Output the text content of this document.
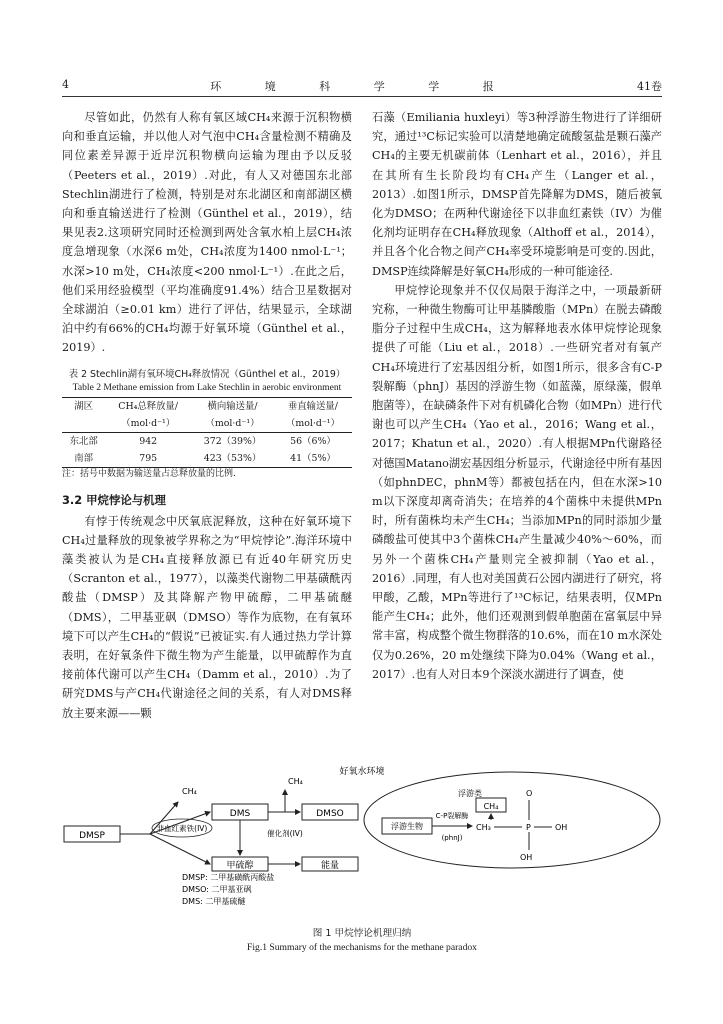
4	环 境 科 学 学 报	41卷

尽管如此，仍然有人称有氧区域CH₄来源于沉积物横向和垂直运输，并以他人对气泡中CH₄含量检测不精确及同位素差异源于近岸沉积物横向运输为理由予以反驳（Peeters et al.，2019）.对此，有人又对德国东北部Stechlin湖进行了检测，特别是对东北湖区和南部湖区横向和垂直输送进行了检测（Günthel et al.，2019），结果见表2.这项研究同时还检测到两处含氧水柏上层CH₄浓度急增现象（水深6 m处，CH₄浓度为1400 nmol·L⁻¹；水深>10 m处，CH₄浓度<200 nmol·L⁻¹）.在此之后，他们采用经验模型（平均准确度91.4%）结合卫星数据对全球湖泊（≥0.01 km）进行了评估，结果显示，全球湖泊中约有66%的CH₄均源于好氧环境（Günthel et al.，2019）.

表 2 Stechlin湖有氧环境CH₄释放情况（Günthel et al.，2019）
Table 2 Methane emission from Lake Stechlin in aerobic environment
湖区	CH₄总释放量/	横向输送量/	垂直输送量/
	（mol·d⁻¹）	（mol·d⁻¹）	（mol·d⁻¹）
东北部	942	372（39%）	56（6%）
南部	795	423（53%）	41（5%）
注：括号中数据为输送量占总释放量的比例.
3.2 甲烷悖论与机理

有悖于传统观念中厌氧底泥释放，这种在好氧环境下CH₄过量释放的现象被学界称之为“甲烷悖论”.海洋环境中藻类被认为是CH₄直接释放源已有近40年研究历史（Scranton et al.，1977），以藻类代谢物二甲基磺酰丙酸盐（DMSP）及其降解产物甲硫醇，二甲基硫醚（DMS），二甲基亚砜（DMSO）等作为底物，在有氧环境下可以产生CH₄的“假说”已被证实.有人通过热力学计算表明，在好氧条件下微生物为产生能量，以甲硫醇作为直接前体代谢可以产生CH₄（Damm et al.，2010）.为了研究DMS与产CH₄代谢途径之间的关系，有人对DMS释放主要来源——颗

石藻（Emiliania huxleyi）等3种浮游生物进行了详细研究，通过¹³C标记实验可以清楚地确定硫酸氢盐是颗石藻产CH₄的主要无机碳前体（Lenhart et al.，2016），并且在其所有生长阶段均有CH₄产生（Langer et al.，2013）.如图1所示，DMSP首先降解为DMS，随后被氧化为DMSO；在两种代谢途径下以非血红素铁（IV）为催化剂均证明存在CH₄释放现象（Althoff et al.，2014），并且各个化合物之间产CH₄率受环境影响是可变的.因此，DMSP连续降解是好氧CH₄形成的一种可能途径.

甲烷悖论现象并不仅仅局限于海洋之中，一项最新研究称，一种微生物酶可让甲基膦酸脂（MPn）在脱去磷酸脂分子过程中生成CH₄，这为解释地表水体甲烷悖论现象提供了可能（Liu et al.，2018）.一些研究者对有氧产CH₄环境进行了宏基因组分析，如图1所示，很多含有C-P裂解酶（phnJ）基因的浮游生物（如蓝藻，原绿藻，假单胞菌等），在缺磷条件下对有机磷化合物（如MPn）进行代谢也可以产生CH₄（Yao et al.，2016；Wang et al.，2017；Khatun et al.，2020）.有人根据MPn代谢路径对德国Matano湖宏基因组分析显示，代谢途径中所有基因（如phnDEC，phnM等）都被包括在内，但在水深>10 m以下深度却离奇消失；在培养的4个菌株中未提供MPn时，所有菌株均未产生CH₄；当添加MPn的同时添加少量磷酸盐可使其中3个菌株CH₄产生量减少40%～60%，而另外一个菌株CH₄产量则完全被抑制（Yao et al.，2016）.同理，有人也对美国黄石公园内湖进行了研究，将甲酸，乙酸，MPn等进行了¹³C标记，结果表明，仅MPn能产生CH₄；此外，他们还观测到假单胞菌在富氧层中异常丰富，构成整个微生物群落的10.6%，而在10 m水深处仅为0.26%，20 m处继续下降为0.04%（Wang et al.，2017）.也有人对日本9个深淡水湖进行了调查，使

好氧水环境
DMSP
DMS	DMSO
甲硫醇	能量
CH₄
CH₄
非血红素铁(IV)
催化剂(IV)
浮游类
浮游生物
C-P裂解酶
(phnJ)
CH₄
CH₃	P
O
OH
OH
DMSP: 二甲基磺酰丙酸盐
DMSO: 二甲基亚砜
DMS: 二甲基硫醚
图 1 甲烷悖论机理归纳
Fig.1 Summary of the mechanisms for the methane paradox
